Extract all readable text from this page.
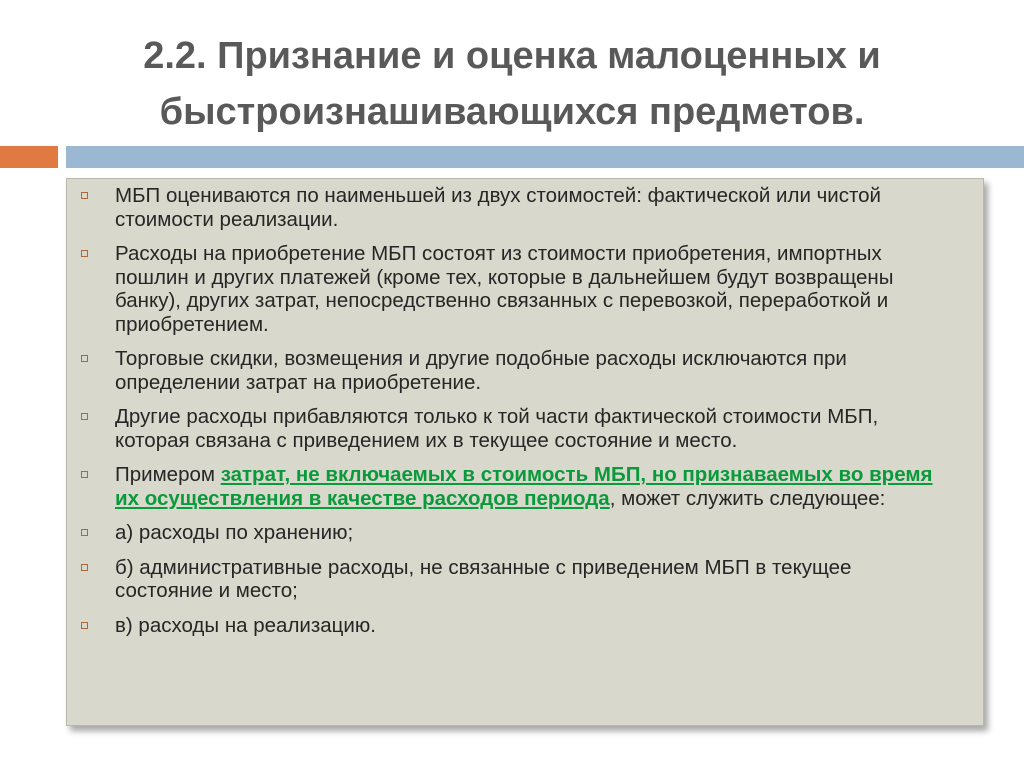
2.2. Признание и оценка малоценных и
быстроизнашивающихся предметов.
МБП оцениваются по наименьшей из двух стоимостей: фактической или чистой стоимости реализации.
Расходы на приобретение МБП состоят из стоимости приобретения, импортных пошлин и других платежей (кроме тех, которые в дальнейшем будут возвращены банку), других затрат, непосредственно связанных с перевозкой, переработкой и приобретением.
Торговые скидки, возмещения и другие подобные расходы исключаются при определении затрат на приобретение.
Другие расходы прибавляются только к той части фактической стоимости МБП, которая связана с приведением их в текущее состояние и место.
Примером затрат, не включаемых в стоимость МБП, но признаваемых во время их осуществления в качестве расходов периода, может служить следующее:
а) расходы по хранению;
б) административные расходы, не связанные с приведением МБП в текущее состояние и место;
в) расходы на реализацию.
